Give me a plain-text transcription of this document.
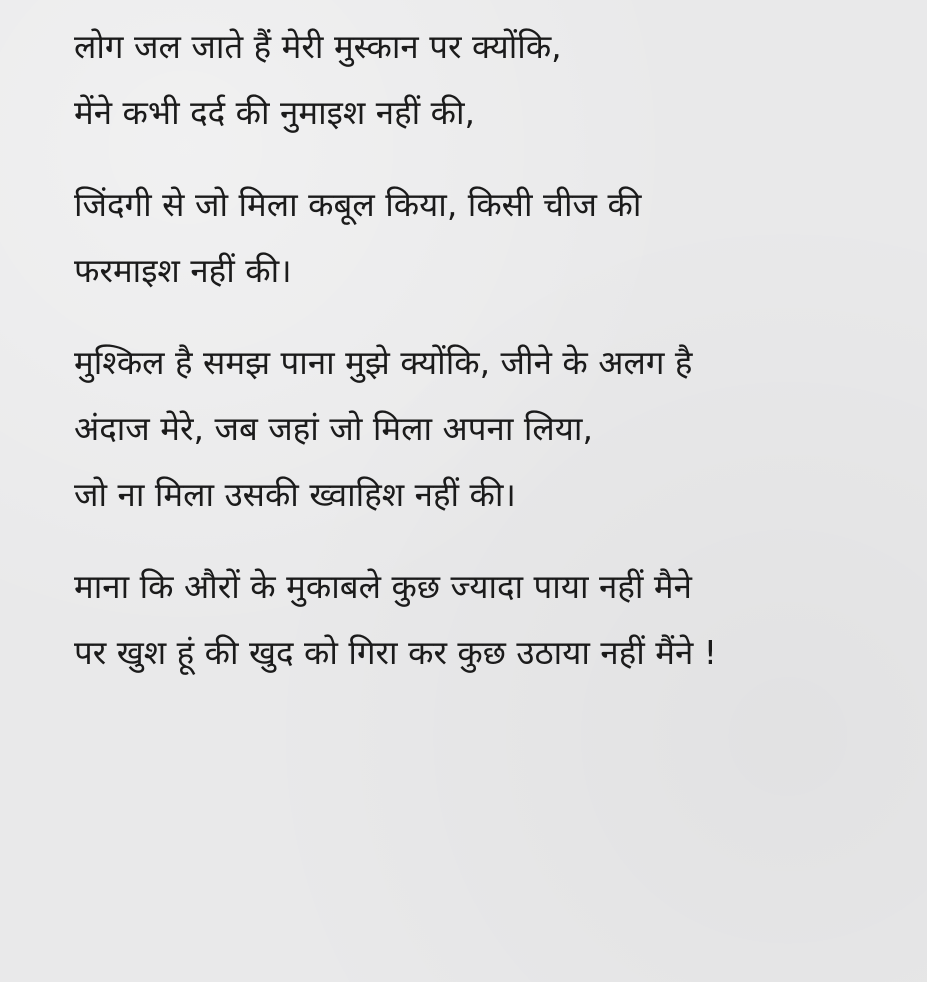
लोग जल जाते हैं मेरी मुस्कान पर क्योंकि,
मेंने कभी दर्द की नुमाइश नहीं की,
जिंदगी से जो मिला कबूल किया, किसी चीज की
फरमाइश नहीं की।
मुश्किल है समझ पाना मुझे क्योंकि, जीने के अलग है
अंदाज मेरे, जब जहां जो मिला अपना लिया,
जो ना मिला उसकी ख्वाहिश नहीं की।
माना कि औरों के मुकाबले कुछ ज्यादा पाया नहीं मैने
पर खुश हूं की खुद को गिरा कर कुछ उठाया नहीं मैंने !
